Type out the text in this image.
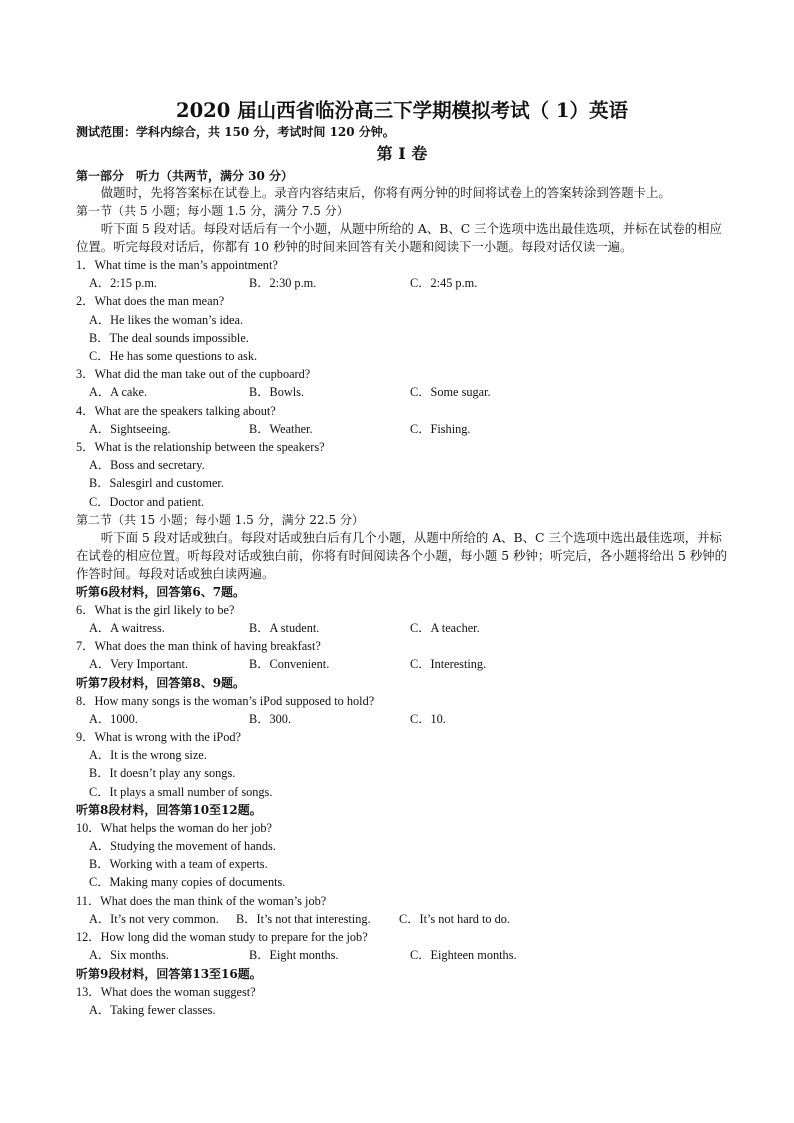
2020 届山西省临汾高三下学期模拟考试（ 1）英语

测试范围：学科内综合，共 150 分，考试时间 120 分钟。

第 I 卷

第一部分　听力（共两节，满分 30 分）

做题时，先将答案标在试卷上。录音内容结束后，你将有两分钟的时间将试卷上的答案转涂到答题卡上。

第一节（共 5 小题；每小题 1.5 分，满分 7.5 分）

听下面 5 段对话。每段对话后有一个小题，从题中所给的 A、B、C 三个选项中选出最佳选项，并标在试卷的相应位置。听完每段对话后，你都有 10 秒钟的时间来回答有关小题和阅读下一小题。每段对话仅读一遍。

1．What time is the man’s appointment?

A．2:15 p.m.	B．2:30 p.m.	C．2:45 p.m.

2．What does the man mean?

A．He likes the woman’s idea.

B．The deal sounds impossible.

C．He has some questions to ask.

3．What did the man take out of the cupboard?

A．A cake.	B．Bowls.	C．Some sugar.

4．What are the speakers talking about?

A．Sightseeing.	B．Weather.	C．Fishing.

5．What is the relationship between the speakers?

A．Boss and secretary.

B．Salesgirl and customer.

C．Doctor and patient.

第二节（共 15 小题；每小题 1.5 分，满分 22.5 分）

听下面 5 段对话或独白。每段对话或独白后有几个小题，从题中所给的 A、B、C 三个选项中选出最佳选项，并标在试卷的相应位置。听每段对话或独白前，你将有时间阅读各个小题，每小题 5 秒钟；听完后，各小题将给出 5 秒钟的作答时间。每段对话或独白读两遍。

听第6段材料，回答第6、7题。

6．What is the girl likely to be?

A．A waitress.	B．A student.	C．A teacher.

7．What does the man think of having breakfast?

A．Very Important.	B．Convenient.	C．Interesting.

听第7段材料，回答第8、9题。

8．How many songs is the woman’s iPod supposed to hold?

A．1000.	B．300.	C．10.

9．What is wrong with the iPod?

A．It is the wrong size.

B．It doesn’t play any songs.

C．It plays a small number of songs.

听第8段材料，回答第10至12题。

10．What helps the woman do her job?

A．Studying the movement of hands.

B．Working with a team of experts.

C．Making many copies of documents.

11．What does the man think of the woman’s job?

A．It’s not very common.	B．It’s not that interesting.	C．It’s not hard to do.

12．How long did the woman study to prepare for the job?

A．Six months.	B．Eight months.	C．Eighteen months.

听第9段材料，回答第13至16题。

13．What does the woman suggest?

A．Taking fewer classes.
